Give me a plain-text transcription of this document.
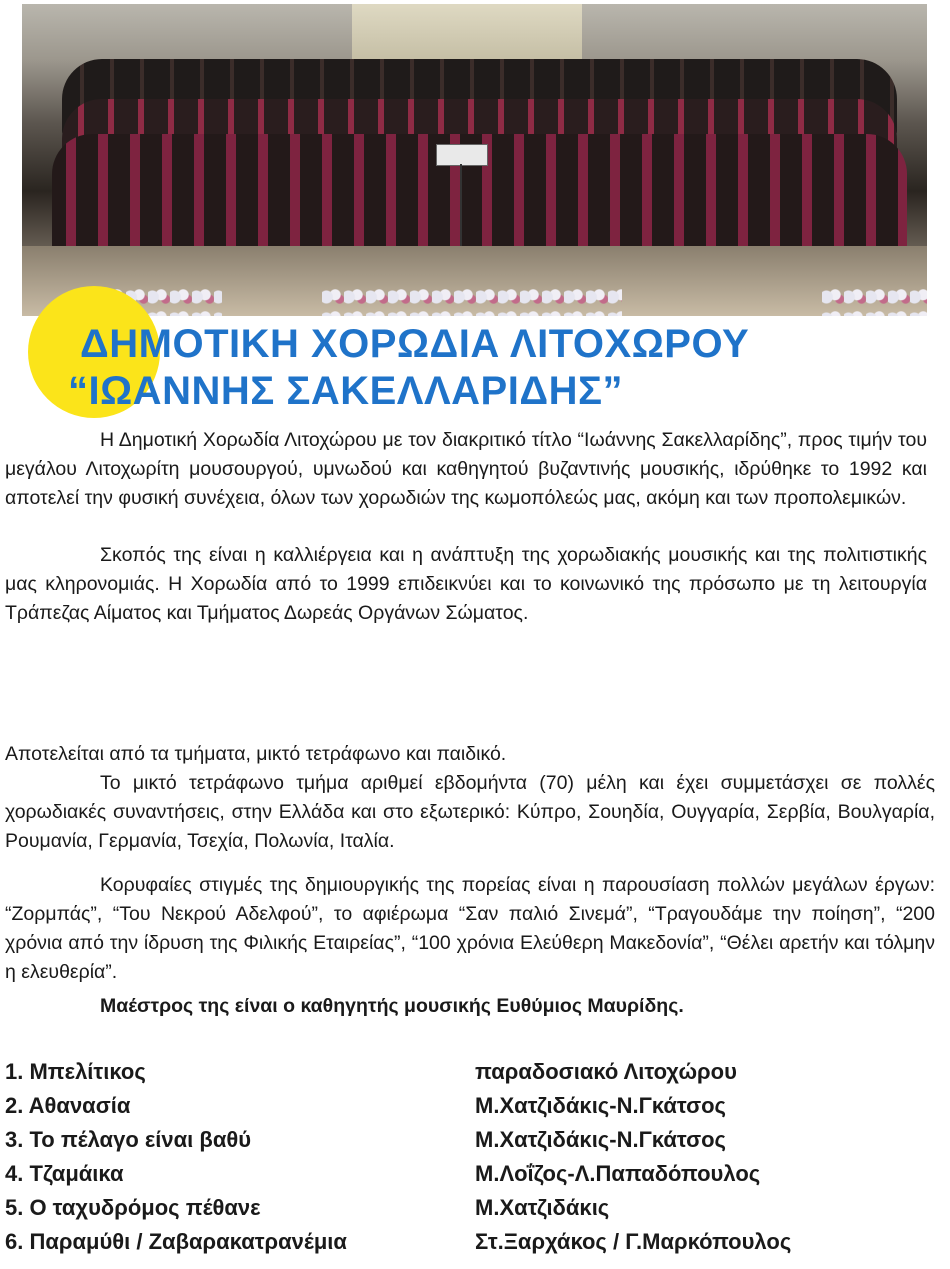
ΔΗΜΟΤΙΚΗ ΧΟΡΩΔΙΑ ΛΙΤΟΧΩΡΟΥ
“ΙΩΑΝΝΗΣ ΣΑΚΕΛΛΑΡΙΔΗΣ”

Η Δημοτική Χορωδία Λιτοχώρου με τον διακριτικό τίτλο “Ιωάννης Σακελλαρίδης”, προς τιμήν του μεγάλου Λιτοχωρίτη μουσουργού, υμνωδού και καθηγητού βυζαντινής μουσικής, ιδρύθηκε το 1992 και αποτελεί την φυσική συνέχεια, όλων των χορωδιών της κωμοπόλεώς μας, ακόμη και των προπολεμικών.

Σκοπός της είναι η καλλιέργεια και η ανάπτυξη της χορωδιακής μουσικής και της πολιτιστικής μας κληρονομιάς. Η Χορωδία από το 1999 επιδεικνύει και το κοινωνικό της πρόσωπο με τη λειτουργία Τράπεζας Αίματος και Τμήματος Δωρεάς Οργάνων Σώματος.

Αποτελείται από τα τμήματα, μικτό τετράφωνο και παιδικό.

Το μικτό τετράφωνο τμήμα αριθμεί εβδομήντα (70) μέλη και έχει συμμετάσχει σε πολλές χορωδιακές συναντήσεις, στην Ελλάδα και στο εξωτερικό: Κύπρο, Σουηδία, Ουγγαρία, Σερβία, Βουλγαρία, Ρουμανία, Γερμανία, Τσεχία, Πολωνία, Ιταλία.

Κορυφαίες στιγμές της δημιουργικής της πορείας είναι η παρουσίαση πολλών μεγάλων έργων: “Ζορμπάς”, “Του Νεκρού Αδελφού”, το αφιέρωμα “Σαν παλιό Σινεμά”, “Τραγουδάμε την ποίηση”, “200 χρόνια από την ίδρυση της Φιλικής Εταιρείας”, “100 χρόνια Ελεύθερη Μακεδονία”, “Θέλει αρετήν και τόλμην η ελευθερία”.

Μαέστρος της είναι ο καθηγητής μουσικής Ευθύμιος Μαυρίδης.

1. Μπελίτικος	παραδοσιακό Λιτοχώρου
2. Αθανασία	Μ.Χατζιδάκις-Ν.Γκάτσος
3. Το πέλαγο είναι βαθύ	Μ.Χατζιδάκις-Ν.Γκάτσος
4. Τζαμάικα	Μ.Λοΐζος-Λ.Παπαδόπουλος
5. Ο ταχυδρόμος πέθανε	Μ.Χατζιδάκις
6. Παραμύθι / Ζαβαρακατρανέμια	Στ.Ξαρχάκος / Γ.Μαρκόπουλος
